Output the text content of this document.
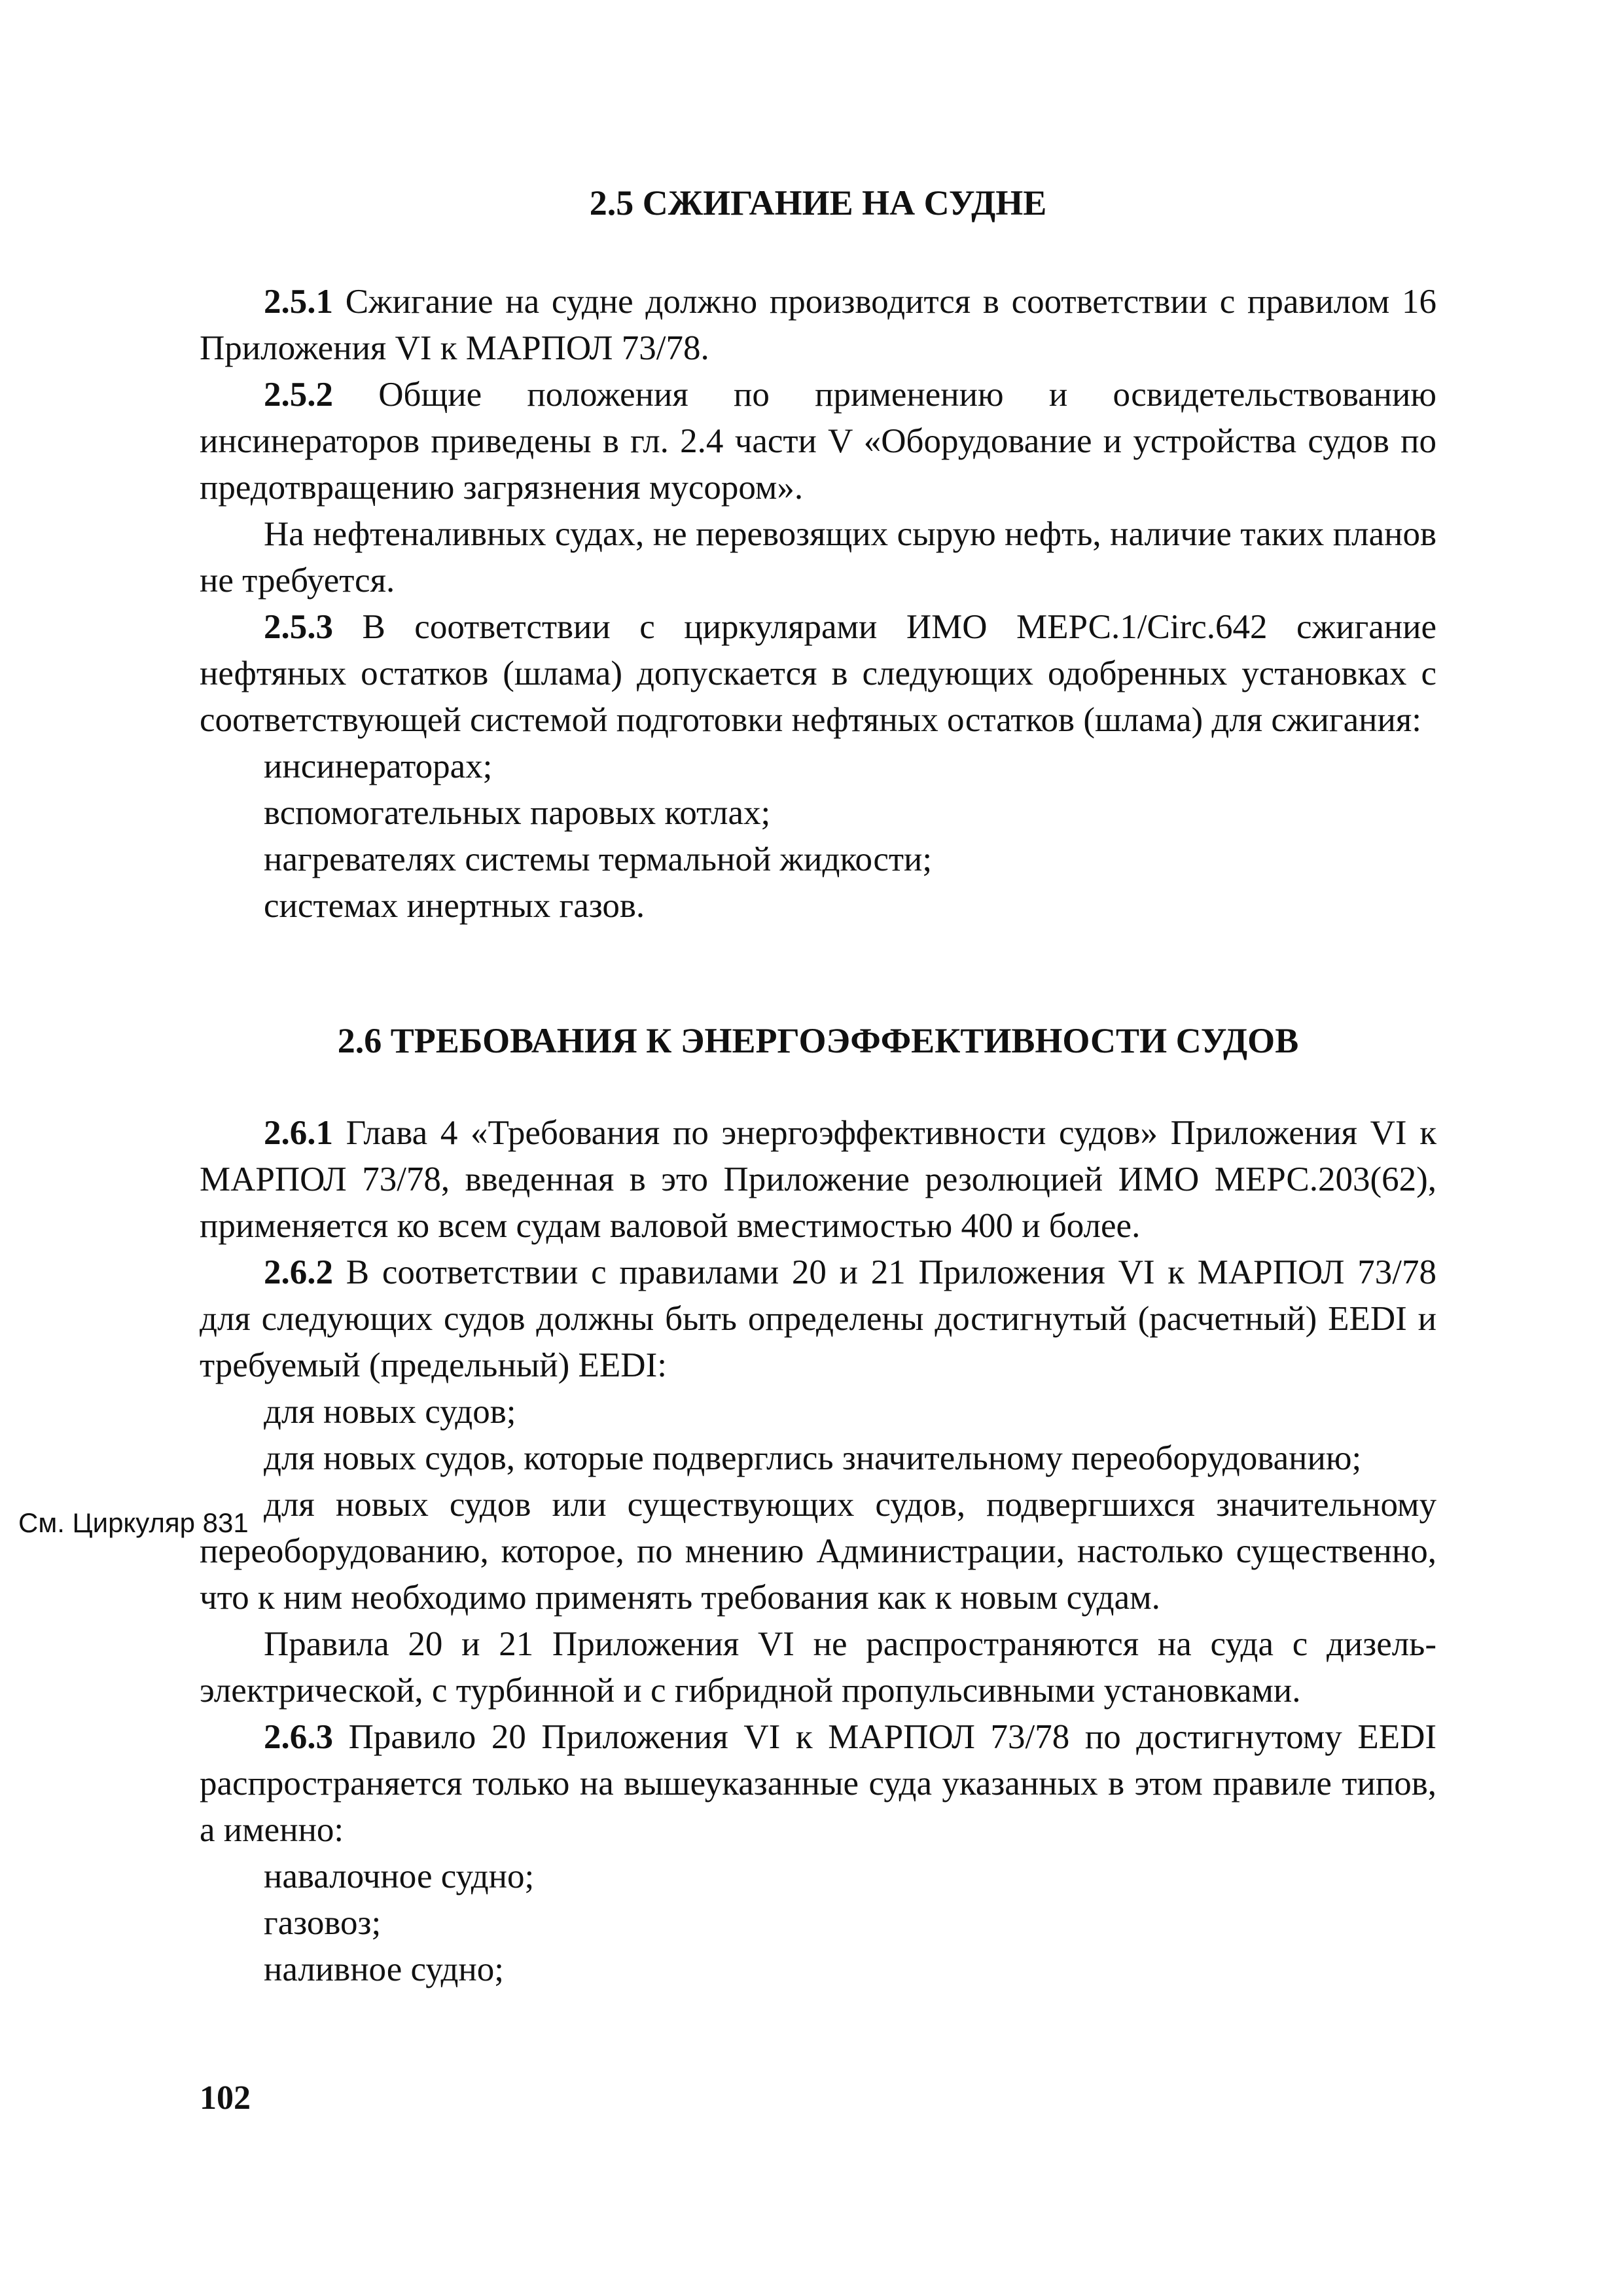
См. Циркуляр 831
2.5 СЖИГАНИЕ НА СУДНЕ

2.5.1 Сжигание на судне должно производится в соответствии с правилом 16 Приложения VI к МАРПОЛ 73/78.

2.5.2 Общие положения по применению и освидетельствованию инсинераторов приведены в гл. 2.4 части V «Оборудование и устройства судов по предотвращению загрязнения мусором».

На нефтеналивных судах, не перевозящих сырую нефть, наличие таких планов не требуется.

2.5.3 В соответствии с циркулярами ИМО МЕРС.1/Circ.642 сжигание нефтяных остатков (шлама) допускается в следующих одобренных установках с соответствующей системой подготовки нефтяных остатков (шлама) для сжигания:

инсинераторах;

вспомогательных паровых котлах;

нагревателях системы термальной жидкости;

системах инертных газов.

2.6 ТРЕБОВАНИЯ К ЭНЕРГОЭФФЕКТИВНОСТИ СУДОВ

2.6.1 Глава 4 «Требования по энергоэффективности судов» Приложения VI к МАРПОЛ 73/78, введенная в это Приложение резолюцией ИМО МЕРС.203(62), применяется ко всем судам валовой вместимостью 400 и более.

2.6.2 В соответствии с правилами 20 и 21 Приложения VI к МАРПОЛ 73/78 для следующих судов должны быть определены достигнутый (расчетный) EEDI и требуемый (предельный) EEDI:

для новых судов;

для новых судов, которые подверглись значительному переоборудованию;

для новых судов или существующих судов, подвергшихся значительному переоборудованию, которое, по мнению Администрации, настолько существенно, что к ним необходимо применять требования как к новым судам.

Правила 20 и 21 Приложения VI не распространяются на суда с дизель-электрической, с турбинной и с гибридной пропульсивными установками.

2.6.3 Правило 20 Приложения VI к МАРПОЛ 73/78 по достигнутому EEDI распространяется только на вышеуказанные суда указанных в этом правиле типов, а именно:

навалочное судно;

газовоз;

наливное судно;

102
